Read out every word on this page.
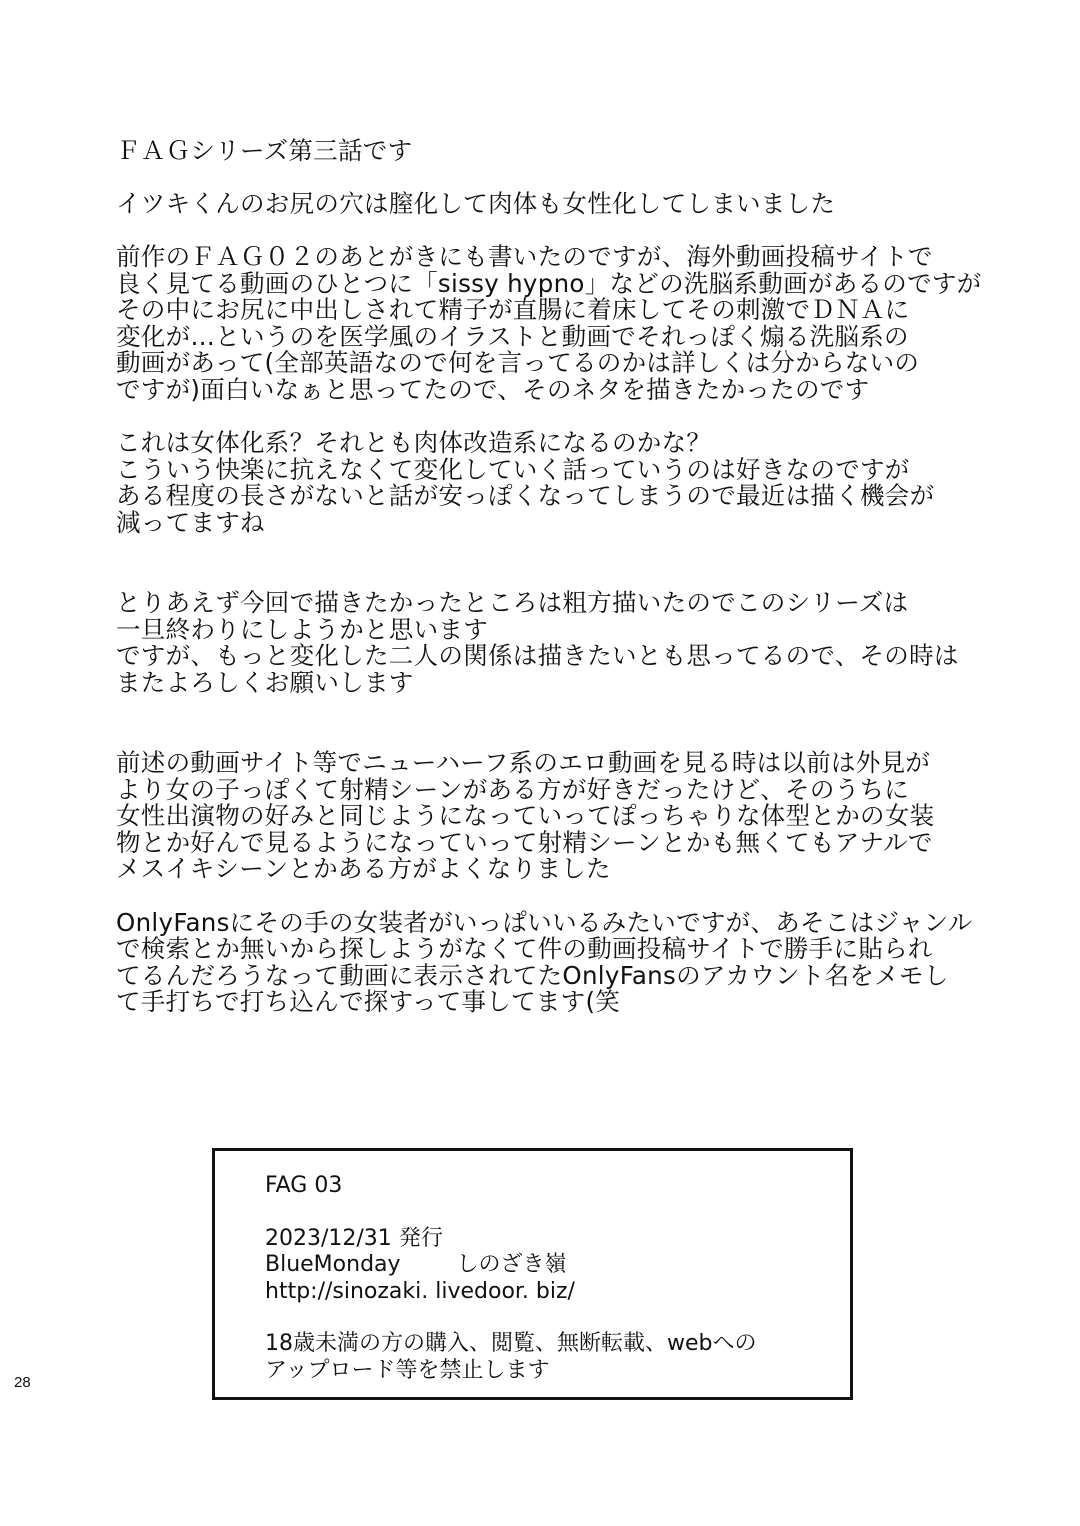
ＦＡＧシリーズ第三話です
イツキくんのお尻の穴は膣化して肉体も女性化してしまいました
前作のＦＡＧ０２のあとがきにも書いたのですが、海外動画投稿サイトで
良く見てる動画のひとつに「sissy hypno」などの洗脳系動画があるのですが
その中にお尻に中出しされて精子が直腸に着床してその刺激でＤＮＡに
変化が…というのを医学風のイラストと動画でそれっぽく煽る洗脳系の
動画があって(全部英語なので何を言ってるのかは詳しくは分からないの
ですが)面白いなぁと思ってたので、そのネタを描きたかったのです
これは女体化系？それとも肉体改造系になるのかな？
こういう快楽に抗えなくて変化していく話っていうのは好きなのですが
ある程度の長さがないと話が安っぽくなってしまうので最近は描く機会が
減ってますね
とりあえず今回で描きたかったところは粗方描いたのでこのシリーズは
一旦終わりにしようかと思います
ですが、もっと変化した二人の関係は描きたいとも思ってるので、その時は
またよろしくお願いします
前述の動画サイト等でニューハーフ系のエロ動画を見る時は以前は外見が
より女の子っぽくて射精シーンがある方が好きだったけど、そのうちに
女性出演物の好みと同じようになっていってぽっちゃりな体型とかの女装
物とか好んで見るようになっていって射精シーンとかも無くてもアナルで
メスイキシーンとかある方がよくなりました
OnlyFansにその手の女装者がいっぱいいるみたいですが、あそこはジャンル
で検索とか無いから探しようがなくて件の動画投稿サイトで勝手に貼られ
てるんだろうなって動画に表示されてたOnlyFansのアカウント名をメモし
て手打ちで打ち込んで探すって事してます(笑
FAG 03
2023/12/31 発行
BlueMonday	しのざき嶺
http://sinozaki. livedoor. biz/
18歳未満の方の購入、閲覧、無断転載、webへの
アップロード等を禁止します
28
